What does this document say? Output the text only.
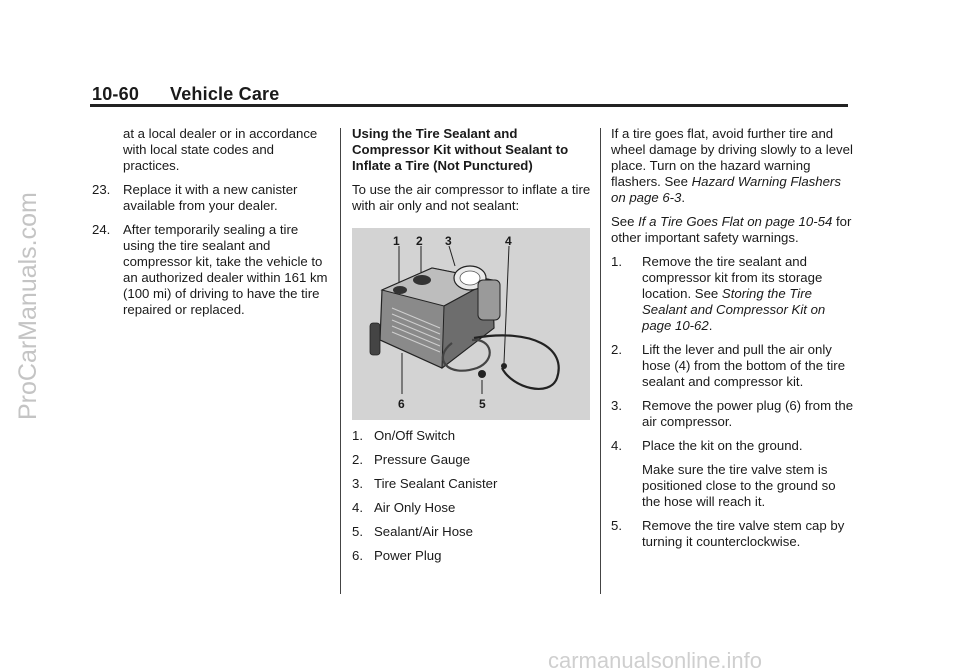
10-60 Vehicle Care
at a local dealer or in accordance with local state codes and practices.
23. Replace it with a new canister available from your dealer.
24. After temporarily sealing a tire using the tire sealant and compressor kit, take the vehicle to an authorized dealer within 161 km (100 mi) of driving to have the tire repaired or replaced.
Using the Tire Sealant and Compressor Kit without Sealant to Inflate a Tire (Not Punctured)
To use the air compressor to inflate a tire with air only and not sealant:
1 2 3	4
5
6
1. On/Off Switch
2. Pressure Gauge
3. Tire Sealant Canister
4. Air Only Hose
5. Sealant/Air Hose
6. Power Plug
If a tire goes flat, avoid further tire and wheel damage by driving slowly to a level place. Turn on the hazard warning flashers. See Hazard Warning Flashers on page 6-3.
See If a Tire Goes Flat on page 10-54 for other important safety warnings.
1.	Remove the tire sealant and compressor kit from its storage location. See Storing the Tire Sealant and Compressor Kit on page 10-62.
2.	Lift the lever and pull the air only hose (4) from the bottom of the tire sealant and compressor kit.
3.	Remove the power plug (6) from the air compressor.
4.	Place the kit on the ground.
Make sure the tire valve stem is positioned close to the ground so the hose will reach it.
5.	Remove the tire valve stem cap by turning it counterclockwise.
ProCarManuals.com
carmanualsonline.info
